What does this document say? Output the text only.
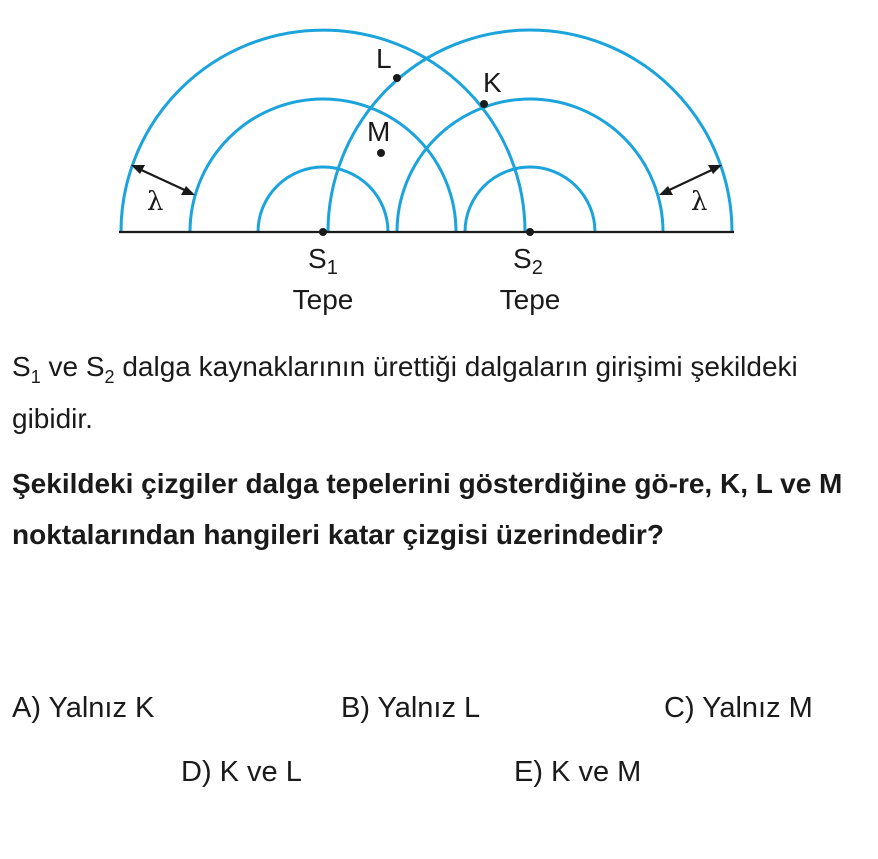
L
K
M
λ	λ
$S_1$	$S_2$
Tepe	Tepe
$S_1$ ve $S_2$ dalga kaynaklarının ürettiği dalgaların girişimi şekildeki gibidir.
Şekildeki çizgiler dalga tepelerini gösterdiğine gö-re, K, L ve M noktalarından hangileri katar çizgisi üzerindedir?
A) Yalnız K	B) Yalnız L	C) Yalnız M
D) K ve L	E) K ve M
